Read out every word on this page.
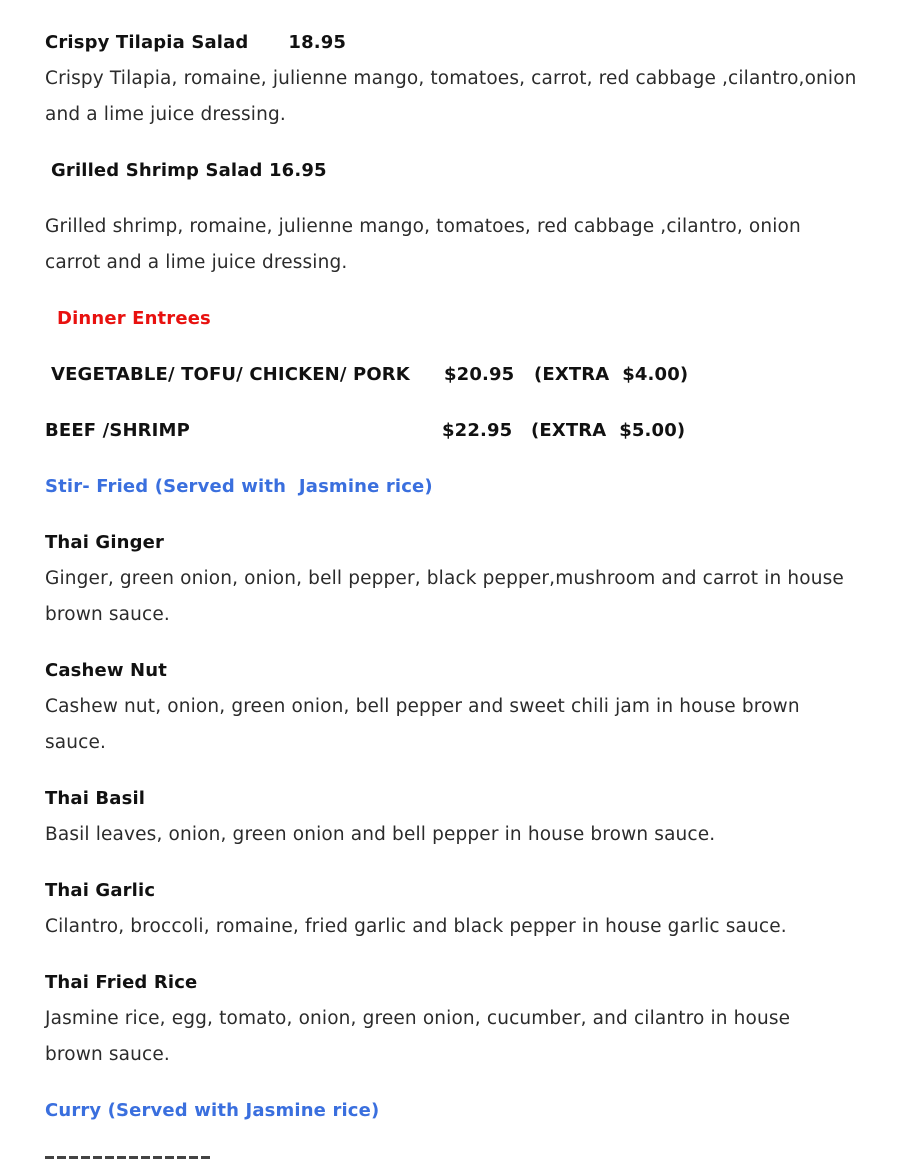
Crispy Tilapia Salad 18.95
Crispy Tilapia, romaine, julienne mango, tomatoes, carrot, red cabbage ,cilantro,onion
and a lime juice dressing.
Grilled Shrimp Salad 16.95
Grilled shrimp, romaine, julienne mango, tomatoes, red cabbage ,cilantro, onion
carrot and a lime juice dressing.
Dinner Entrees
VEGETABLE/ TOFU/ CHICKEN/ PORK $20.95 (EXTRA  $4.00)
BEEF /SHRIMP	$22.95 (EXTRA  $5.00)
Stir- Fried (Served with  Jasmine rice)
Thai Ginger
Ginger, green onion, onion, bell pepper, black pepper,mushroom and carrot in house
brown sauce.
Cashew Nut
Cashew nut, onion, green onion, bell pepper and sweet chili jam in house brown
sauce.
Thai Basil
Basil leaves, onion, green onion and bell pepper in house brown sauce.
Thai Garlic
Cilantro, broccoli, romaine, fried garlic and black pepper in house garlic sauce.
Thai Fried Rice
Jasmine rice, egg, tomato, onion, green onion, cucumber, and cilantro in house
brown sauce.
Curry (Served with Jasmine rice)
